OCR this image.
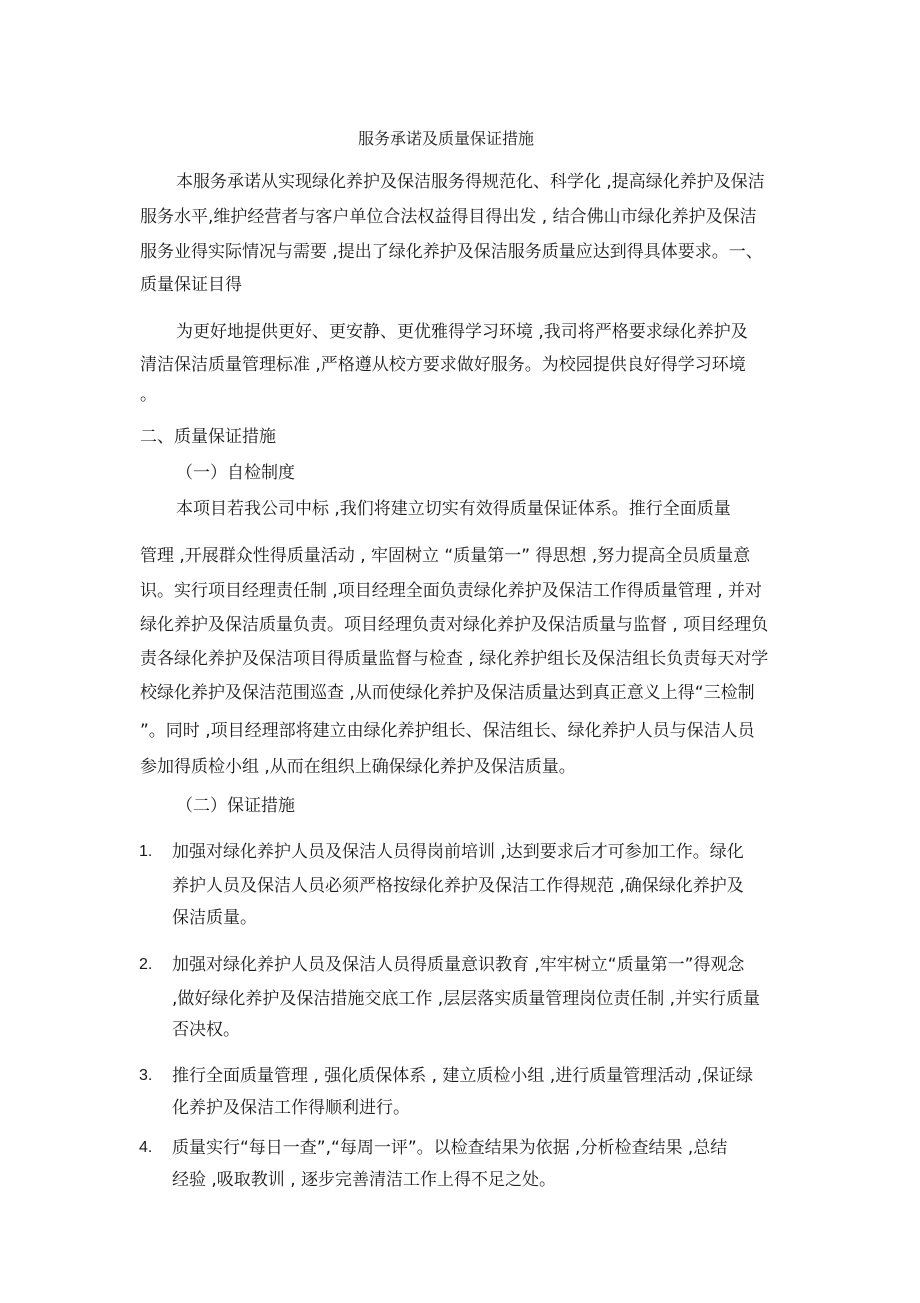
服务承诺及质量保证措施
本服务承诺从实现绿化养护及保洁服务得规范化、科学化 ,提高绿化养护及保洁
服务水平,维护经营者与客户单位合法权益得目得出发 , 结合佛山市绿化养护及保洁
服务业得实际情况与需要 ,提出了绿化养护及保洁服务质量应达到得具体要求。一、
质量保证目得
为更好地提供更好、更安静、更优雅得学习环境 ,我司将严格要求绿化养护及
清洁保洁质量管理标准 ,严格遵从校方要求做好服务。为校园提供良好得学习环境
。
二、质量保证措施
（一）自检制度
本项目若我公司中标 ,我们将建立切实有效得质量保证体系。推行全面质量
管理 ,开展群众性得质量活动 , 牢固树立 “质量第一” 得思想 ,努力提高全员质量意
识。实行项目经理责任制 ,项目经理全面负责绿化养护及保洁工作得质量管理 , 并对
绿化养护及保洁质量负责。项目经理负责对绿化养护及保洁质量与监督 , 项目经理负
责各绿化养护及保洁项目得质量监督与检查 , 绿化养护组长及保洁组长负责每天对学
校绿化养护及保洁范围巡查 ,从而使绿化养护及保洁质量达到真正意义上得“三检制
”。同时 ,项目经理部将建立由绿化养护组长、保洁组长、绿化养护人员与保洁人员
参加得质检小组 ,从而在组织上确保绿化养护及保洁质量。
（二）保证措施
1. 加强对绿化养护人员及保洁人员得岗前培训 ,达到要求后才可参加工作。绿化
养护人员及保洁人员必须严格按绿化养护及保洁工作得规范 ,确保绿化养护及
保洁质量。
2. 加强对绿化养护人员及保洁人员得质量意识教育 ,牢牢树立“质量第一”得观念
,做好绿化养护及保洁措施交底工作 ,层层落实质量管理岗位责任制 ,并实行质量
否决权。
3. 推行全面质量管理 , 强化质保体系 , 建立质检小组 ,进行质量管理活动 ,保证绿
化养护及保洁工作得顺利进行。
4. 质量实行“每日一查”,“每周一评”。以检查结果为依据 ,分析检查结果 ,总结
经验 ,吸取教训 , 逐步完善清洁工作上得不足之处。
